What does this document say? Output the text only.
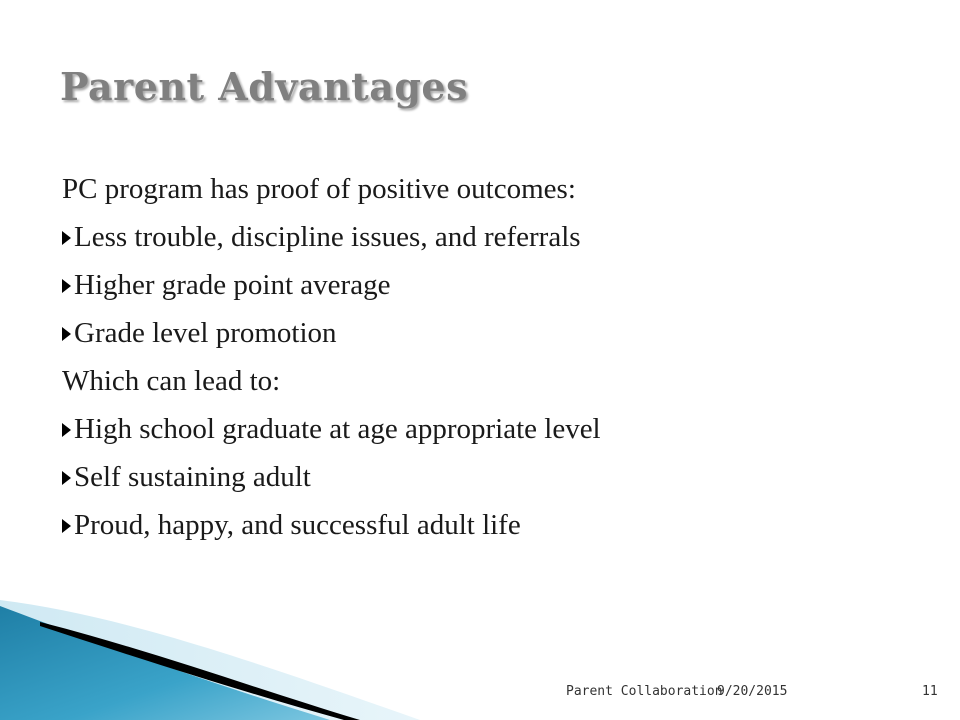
Parent Advantages
PC program has proof of positive outcomes:
Less trouble, discipline issues, and referrals
Higher grade point average
Grade level promotion
Which can lead to:
High school graduate at age appropriate level
Self sustaining adult
Proud, happy, and successful adult life
Parent Collaboration
9/20/2015	11
